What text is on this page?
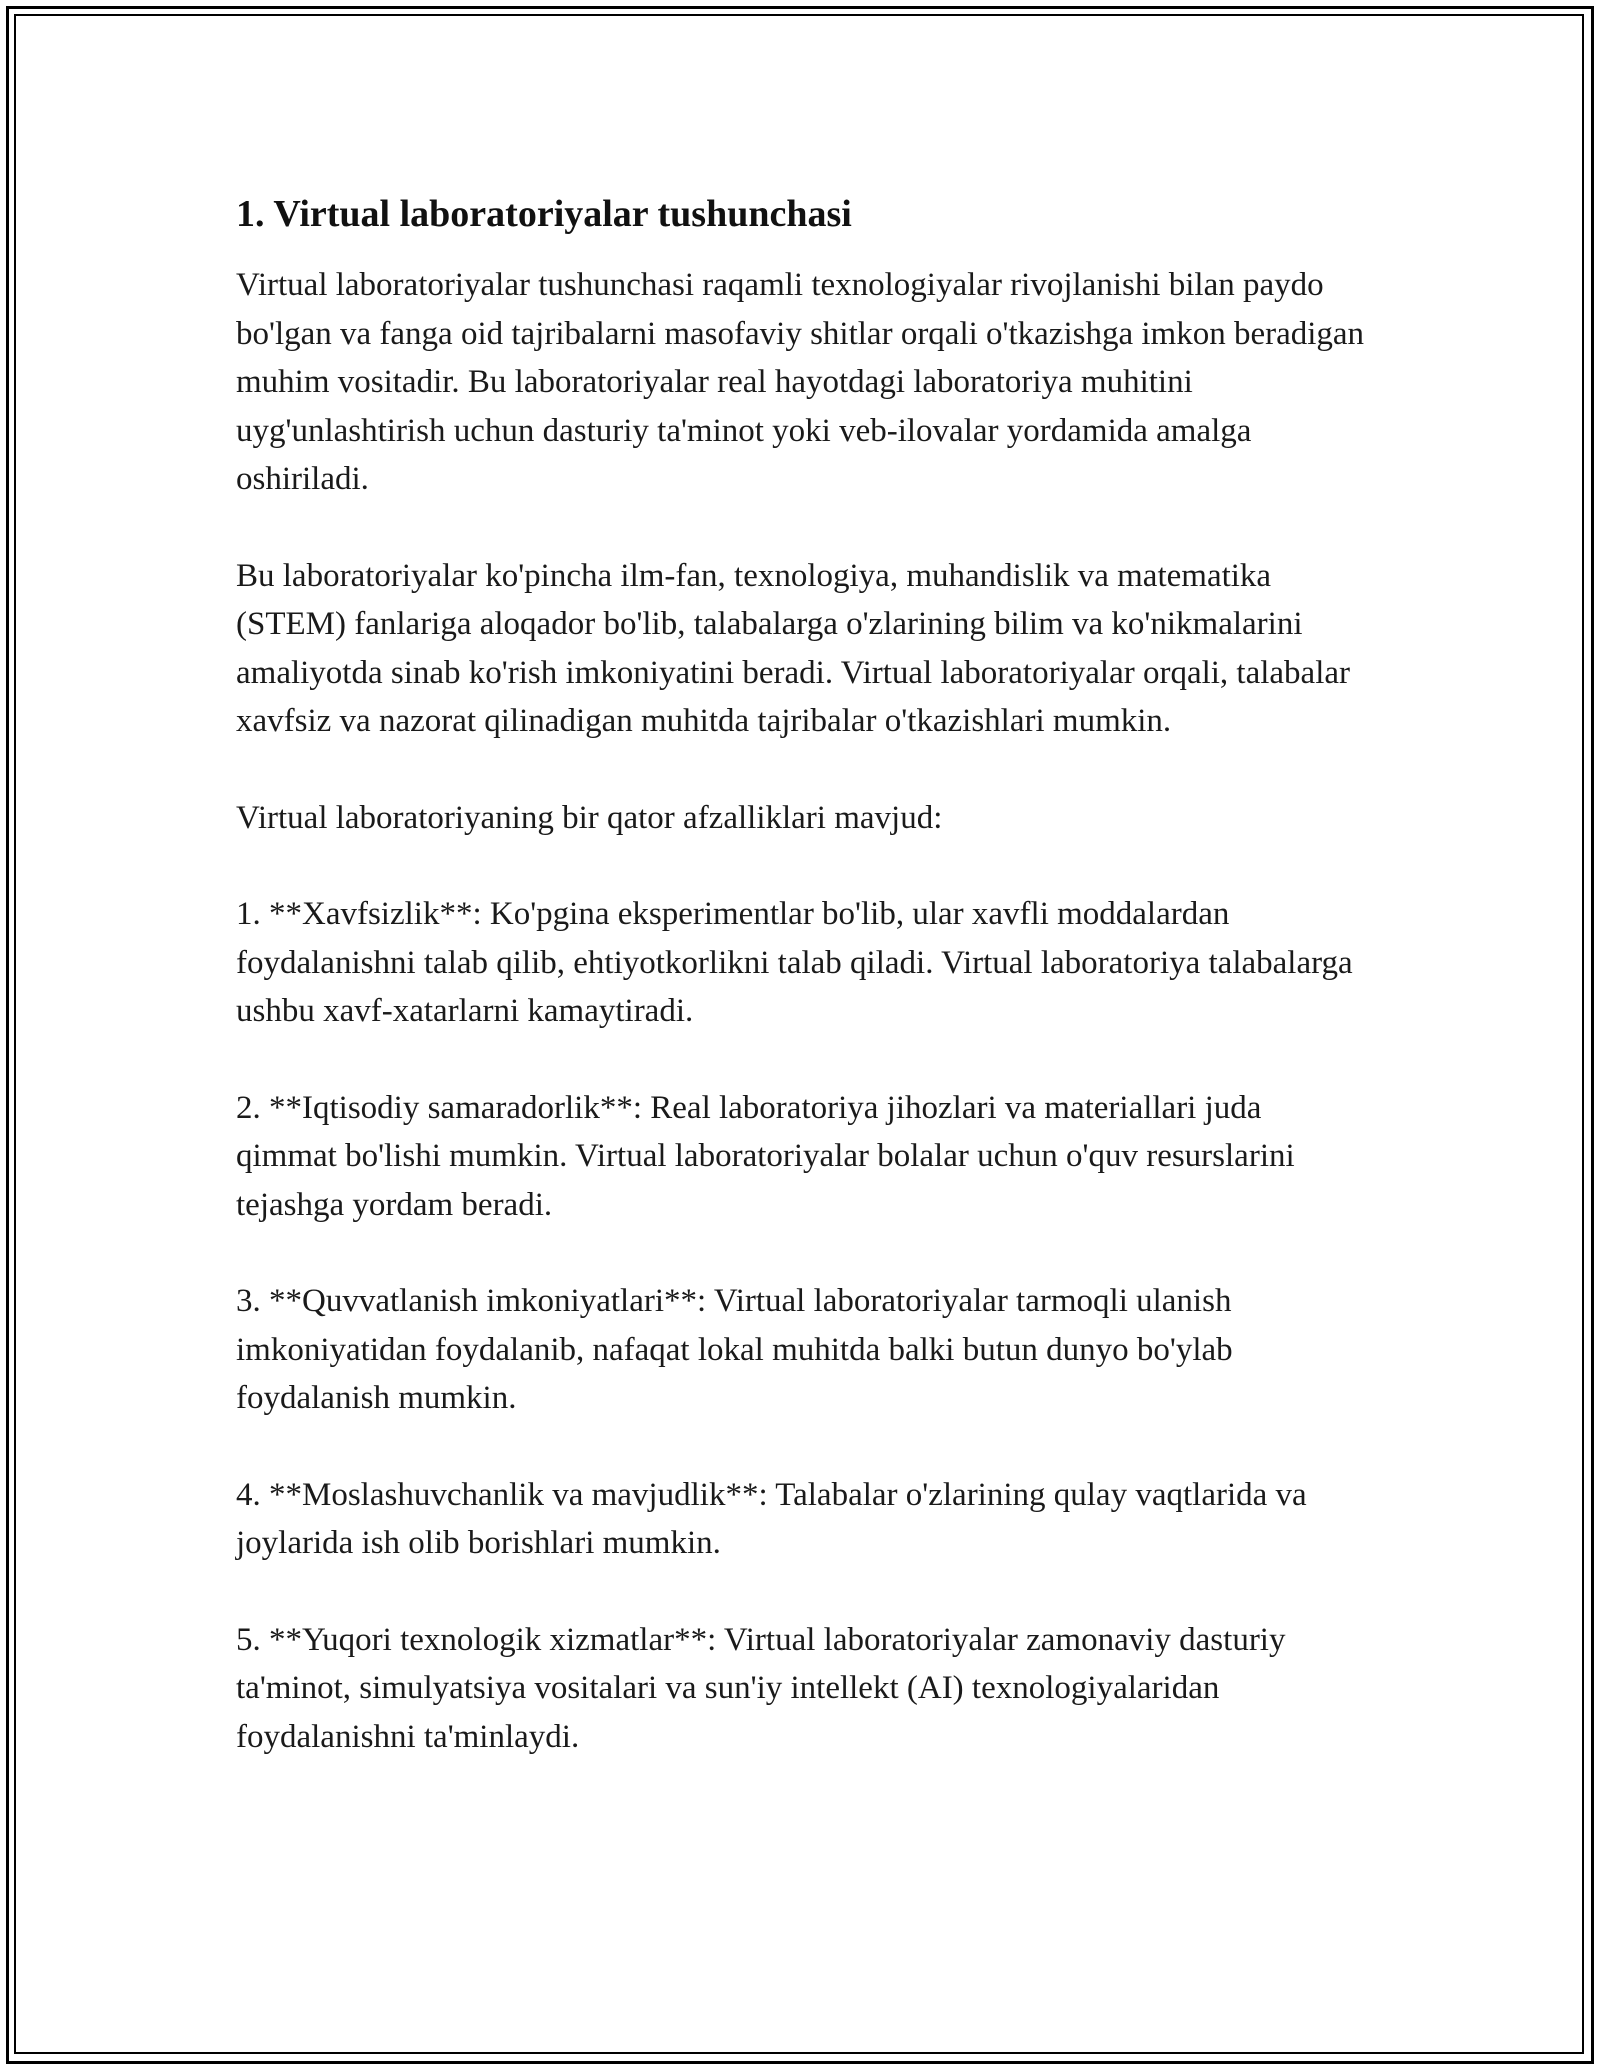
1. Virtual laboratoriyalar tushunchasi

Virtual laboratoriyalar tushunchasi raqamli texnologiyalar rivojlanishi bilan paydo bo'lgan va fanga oid tajribalarni masofaviy shitlar orqali o'tkazishga imkon beradigan muhim vositadir. Bu laboratoriyalar real hayotdagi laboratoriya muhitini uyg'unlashtirish uchun dasturiy ta'minot yoki veb-ilovalar yordamida amalga oshiriladi.

Bu laboratoriyalar ko'pincha ilm-fan, texnologiya, muhandislik va matematika (STEM) fanlariga aloqador bo'lib, talabalarga o'zlarining bilim va ko'nikmalarini amaliyotda sinab ko'rish imkoniyatini beradi. Virtual laboratoriyalar orqali, talabalar xavfsiz va nazorat qilinadigan muhitda tajribalar o'tkazishlari mumkin.

Virtual laboratoriyaning bir qator afzalliklari mavjud:

1. **Xavfsizlik**: Ko'pgina eksperimentlar bo'lib, ular xavfli moddalardan foydalanishni talab qilib, ehtiyotkorlikni talab qiladi. Virtual laboratoriya talabalarga ushbu xavf-xatarlarni kamaytiradi.

2. **Iqtisodiy samaradorlik**: Real laboratoriya jihozlari va materiallari juda qimmat bo'lishi mumkin. Virtual laboratoriyalar bolalar uchun o'quv resurslarini tejashga yordam beradi.

3. **Quvvatlanish imkoniyatlari**: Virtual laboratoriyalar tarmoqli ulanish imkoniyatidan foydalanib, nafaqat lokal muhitda balki butun dunyo bo'ylab foydalanish mumkin.

4. **Moslashuvchanlik va mavjudlik**: Talabalar o'zlarining qulay vaqtlarida va joylarida ish olib borishlari mumkin.

5. **Yuqori texnologik xizmatlar**: Virtual laboratoriyalar zamonaviy dasturiy ta'minot, simulyatsiya vositalari va sun'iy intellekt (AI) texnologiyalaridan foydalanishni ta'minlaydi.
